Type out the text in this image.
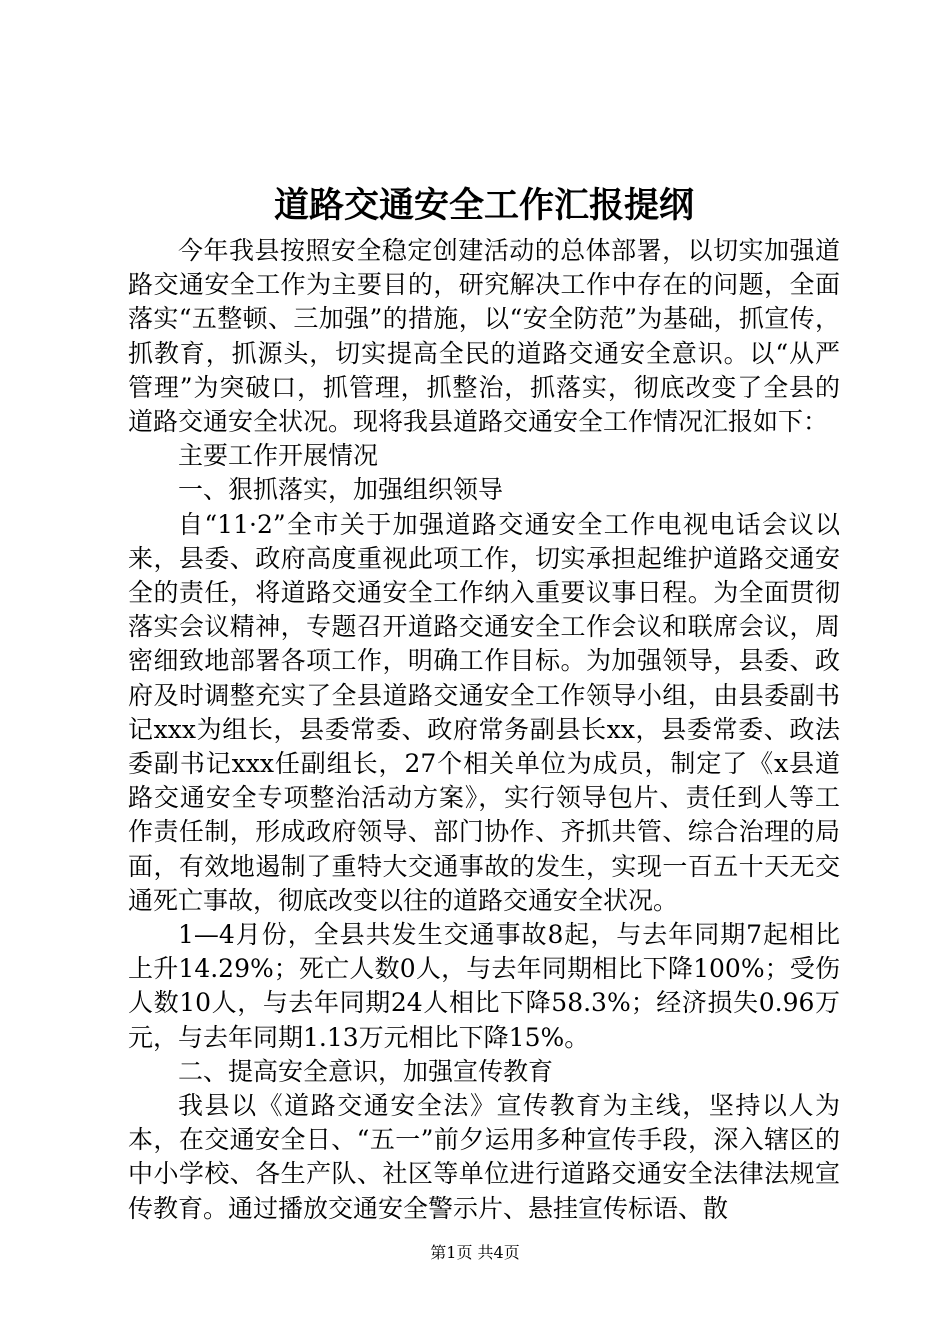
道路交通安全工作汇报提纲

今年我县按照安全稳定创建活动的总体部署，以切实加强道路交通安全工作为主要目的，研究解决工作中存在的问题，全面落实“五整顿、三加强”的措施，以“安全防范”为基础，抓宣传，抓教育，抓源头，切实提高全民的道路交通安全意识。以“从严管理”为突破口，抓管理，抓整治，抓落实，彻底改变了全县的道路交通安全状况。现将我县道路交通安全工作情况汇报如下：

主要工作开展情况

一、狠抓落实，加强组织领导

自“11·2”全市关于加强道路交通安全工作电视电话会议以来，县委、政府高度重视此项工作，切实承担起维护道路交通安全的责任，将道路交通安全工作纳入重要议事日程。为全面贯彻落实会议精神，专题召开道路交通安全工作会议和联席会议，周密细致地部署各项工作，明确工作目标。为加强领导，县委、政府及时调整充实了全县道路交通安全工作领导小组，由县委副书记xxx为组长，县委常委、政府常务副县长xx，县委常委、政法委副书记xxx任副组长，27个相关单位为成员，制定了《x县道路交通安全专项整治活动方案》，实行领导包片、责任到人等工作责任制，形成政府领导、部门协作、齐抓共管、综合治理的局面，有效地遏制了重特大交通事故的发生，实现一百五十天无交通死亡事故，彻底改变以往的道路交通安全状况。

1—4月份，全县共发生交通事故8起，与去年同期7起相比上升14.29%；死亡人数0人，与去年同期相比下降100%；受伤人数10人，与去年同期24人相比下降58.3%；经济损失0.96万元，与去年同期1.13万元相比下降15%。

二、提高安全意识，加强宣传教育

我县以《道路交通安全法》宣传教育为主线，坚持以人为本，在交通安全日、“五一”前夕运用多种宣传手段，深入辖区的中小学校、各生产队、社区等单位进行道路交通安全法律法规宣传教育。通过播放交通安全警示片、悬挂宣传标语、散

第1页 共4页
